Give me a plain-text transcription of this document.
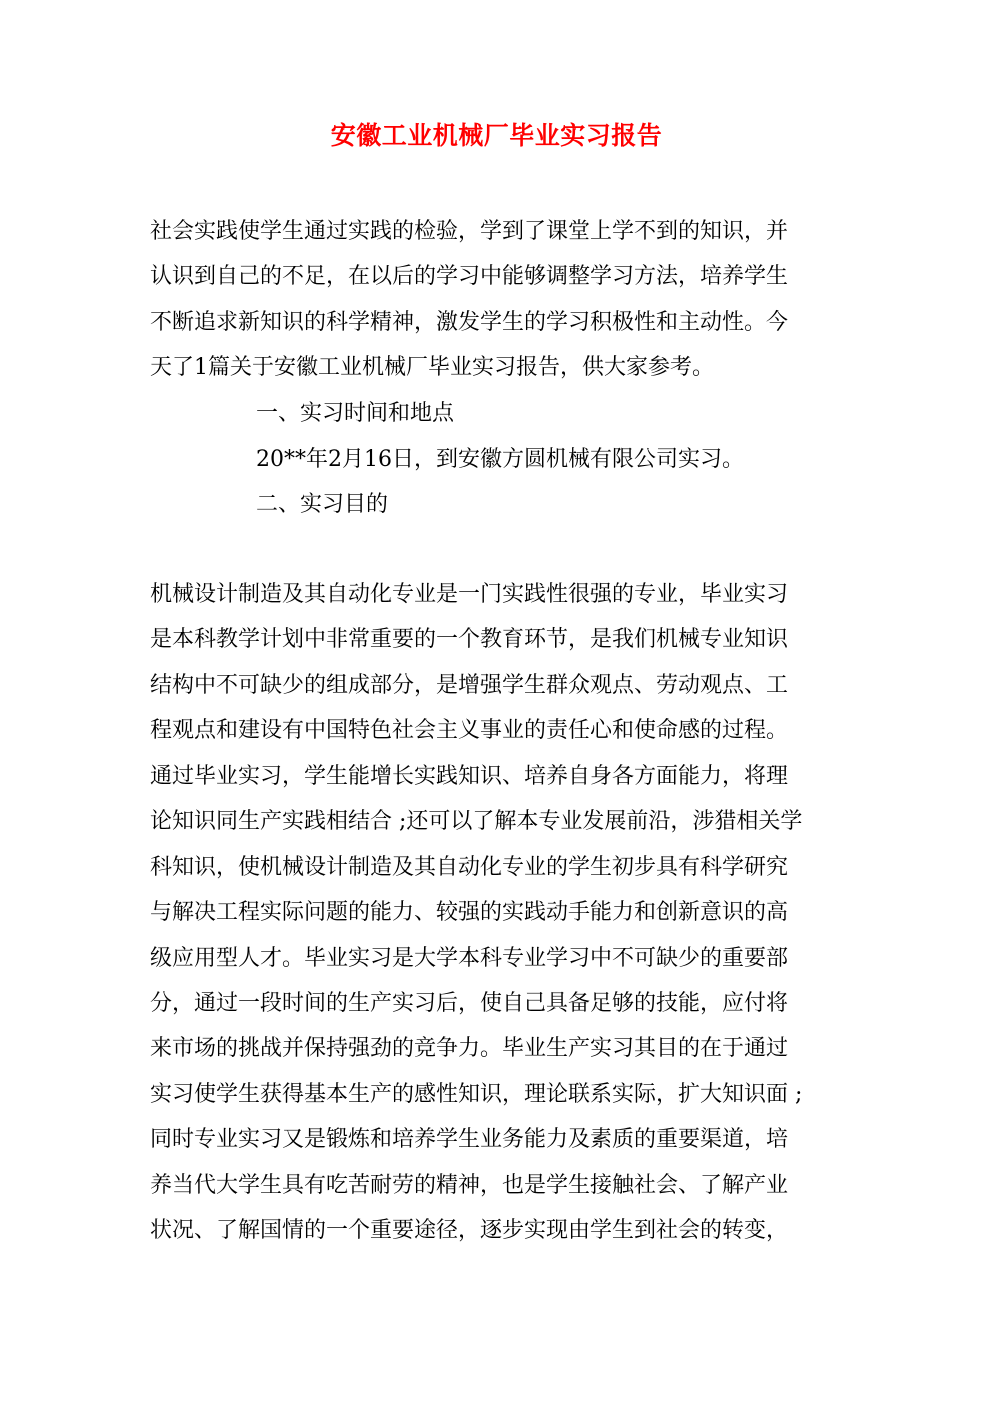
安徽工业机械厂毕业实习报告
社会实践使学生通过实践的检验，学到了课堂上学不到的知识，并
认识到自己的不足，在以后的学习中能够调整学习方法，培养学生
不断追求新知识的科学精神，激发学生的学习积极性和主动性。今
天了1篇关于安徽工业机械厂毕业实习报告，供大家参考。
一、实习时间和地点
20**年2月16日，到安徽方圆机械有限公司实习。
二、实习目的
机械设计制造及其自动化专业是一门实践性很强的专业，毕业实习
是本科教学计划中非常重要的一个教育环节，是我们机械专业知识
结构中不可缺少的组成部分，是增强学生群众观点、劳动观点、工
程观点和建设有中国特色社会主义事业的责任心和使命感的过程。
通过毕业实习，学生能增长实践知识、培养自身各方面能力，将理
论知识同生产实践相结合 ;还可以了解本专业发展前沿，涉猎相关学
科知识，使机械设计制造及其自动化专业的学生初步具有科学研究
与解决工程实际问题的能力、较强的实践动手能力和创新意识的高
级应用型人才。毕业实习是大学本科专业学习中不可缺少的重要部
分，通过一段时间的生产实习后，使自己具备足够的技能，应付将
来市场的挑战并保持强劲的竞争力。毕业生产实习其目的在于通过
实习使学生获得基本生产的感性知识，理论联系实际，扩大知识面 ;
同时专业实习又是锻炼和培养学生业务能力及素质的重要渠道，培
养当代大学生具有吃苦耐劳的精神，也是学生接触社会、了解产业
状况、了解国情的一个重要途径，逐步实现由学生到社会的转变，
